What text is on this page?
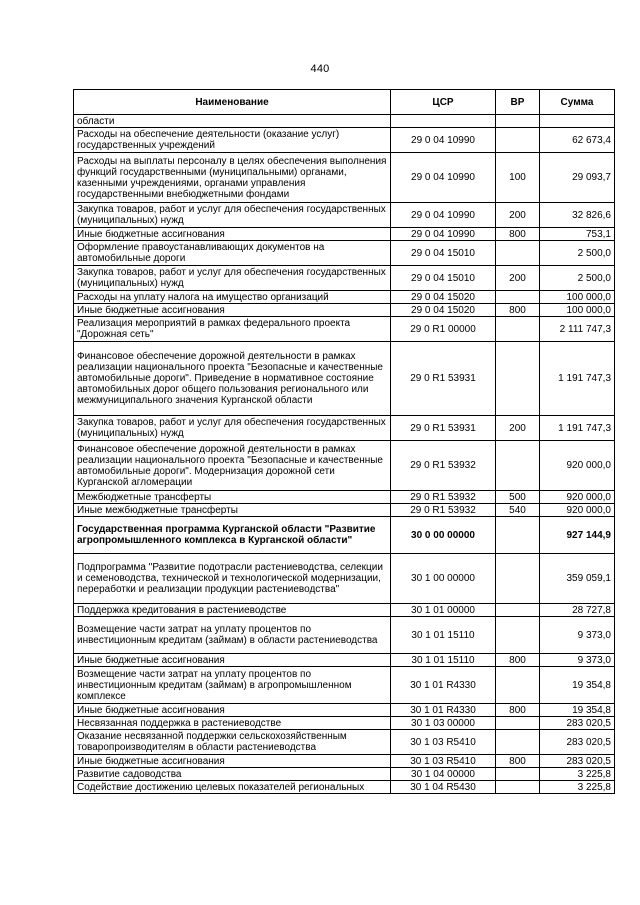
440
Наименование	ЦСР	ВР	Сумма
области			
Расходы на обеспечение деятельности (оказание услуг) государственных учреждений	29 0 04 10990		62 673,4
Расходы на выплаты персоналу в целях обеспечения выполнения функций государственными (муниципальными) органами, казенными учреждениями, органами управления государственными внебюджетными фондами	29 0 04 10990	100	29 093,7
Закупка товаров, работ и услуг для обеспечения государственных (муниципальных) нужд	29 0 04 10990	200	32 826,6
Иные бюджетные ассигнования	29 0 04 10990	800	753,1
Оформление правоустанавливающих документов на автомобильные дороги	29 0 04 15010		2 500,0
Закупка товаров, работ и услуг для обеспечения государственных (муниципальных) нужд	29 0 04 15010	200	2 500,0
Расходы на уплату налога на имущество организаций	29 0 04 15020		100 000,0
Иные бюджетные ассигнования	29 0 04 15020	800	100 000,0
Реализация мероприятий в рамках федерального проекта "Дорожная сеть"	29 0 R1 00000		2 111 747,3
Финансовое обеспечение дорожной деятельности в рамках реализации национального проекта "Безопасные и качественные автомобильные дороги". Приведение в нормативное состояние автомобильных дорог общего пользования регионального или межмуниципального значения Курганской области	29 0 R1 53931		1 191 747,3
Закупка товаров, работ и услуг для обеспечения государственных (муниципальных) нужд	29 0 R1 53931	200	1 191 747,3
Финансовое обеспечение дорожной деятельности в рамках реализации национального проекта "Безопасные и качественные автомобильные дороги". Модернизация дорожной сети Курганской агломерации	29 0 R1 53932		920 000,0
Межбюджетные трансферты	29 0 R1 53932	500	920 000,0
Иные межбюджетные трансферты	29 0 R1 53932	540	920 000,0
Государственная программа Курганской области "Развитие агропромышленного комплекса в Курганской области"	30 0 00 00000		927 144,9
Подпрограмма "Развитие подотрасли растениеводства, селекции и семеноводства, технической и технологической модернизации, переработки и реализации продукции растениеводства"	30 1 00 00000		359 059,1
Поддержка кредитования в растениеводстве	30 1 01 00000		28 727,8
Возмещение части затрат на уплату процентов по инвестиционным кредитам (займам) в области растениеводства	30 1 01 15110		9 373,0
Иные бюджетные ассигнования	30 1 01 15110	800	9 373,0
Возмещение части затрат на уплату процентов по инвестиционным кредитам (займам) в агропромышленном комплексе	30 1 01 R4330		19 354,8
Иные бюджетные ассигнования	30 1 01 R4330	800	19 354,8
Несвязанная поддержка в растениеводстве	30 1 03 00000		283 020,5
Оказание несвязанной поддержки сельскохозяйственным товаропроизводителям в области растениеводства	30 1 03 R5410		283 020,5
Иные бюджетные ассигнования	30 1 03 R5410	800	283 020,5
Развитие садоводства	30 1 04 00000		3 225,8
Содействие достижению целевых показателей региональных	30 1 04 R5430		3 225,8
